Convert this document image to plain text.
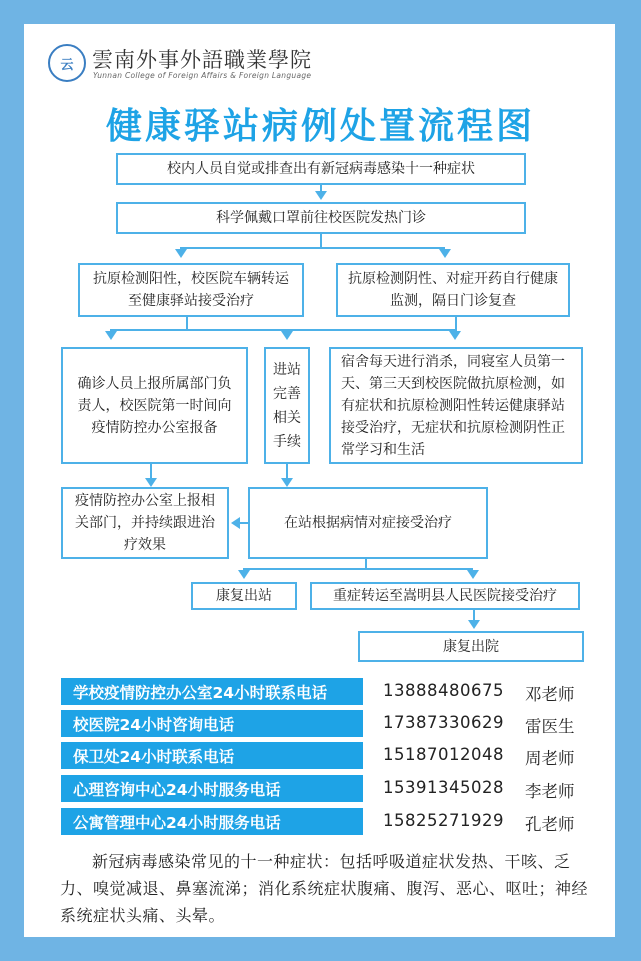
云 雲南外事外語職業學院
Yunnan College of Foreign Affairs & Foreign Language
健康驿站病例处置流程图
校内人员自觉或排查出有新冠病毒感染十一种症状
科学佩戴口罩前往校医院发热门诊
抗原检测阳性，校医院车辆转运至健康驿站接受治疗
抗原检测阴性、对症开药自行健康监测，隔日门诊复查
确诊人员上报所属部门负责人，校医院第一时间向疫情防控办公室报备
进站完善相关手续
宿舍每天进行消杀，同寝室人员第一天、第三天到校医院做抗原检测，如有症状和抗原检测阳性转运健康驿站接受治疗，无症状和抗原检测阴性正常学习和生活
疫情防控办公室上报相关部门，并持续跟进治疗效果
在站根据病情对症接受治疗
康复出站	重症转运至嵩明县人民医院接受治疗
康复出院
学校疫情防控办公室24小时联系电话	13888480675	邓老师
校医院24小时咨询电话	17387330629	雷医生
保卫处24小时联系电话	15187012048	周老师
心理咨询中心24小时服务电话	15391345028	李老师
公寓管理中心24小时服务电话	15825271929	孔老师
新冠病毒感染常见的十一种症状：包括呼吸道症状发热、干咳、乏力、嗅觉减退、鼻塞流涕；消化系统症状腹痛、腹泻、恶心、呕吐；神经系统症状头痛、头晕。
